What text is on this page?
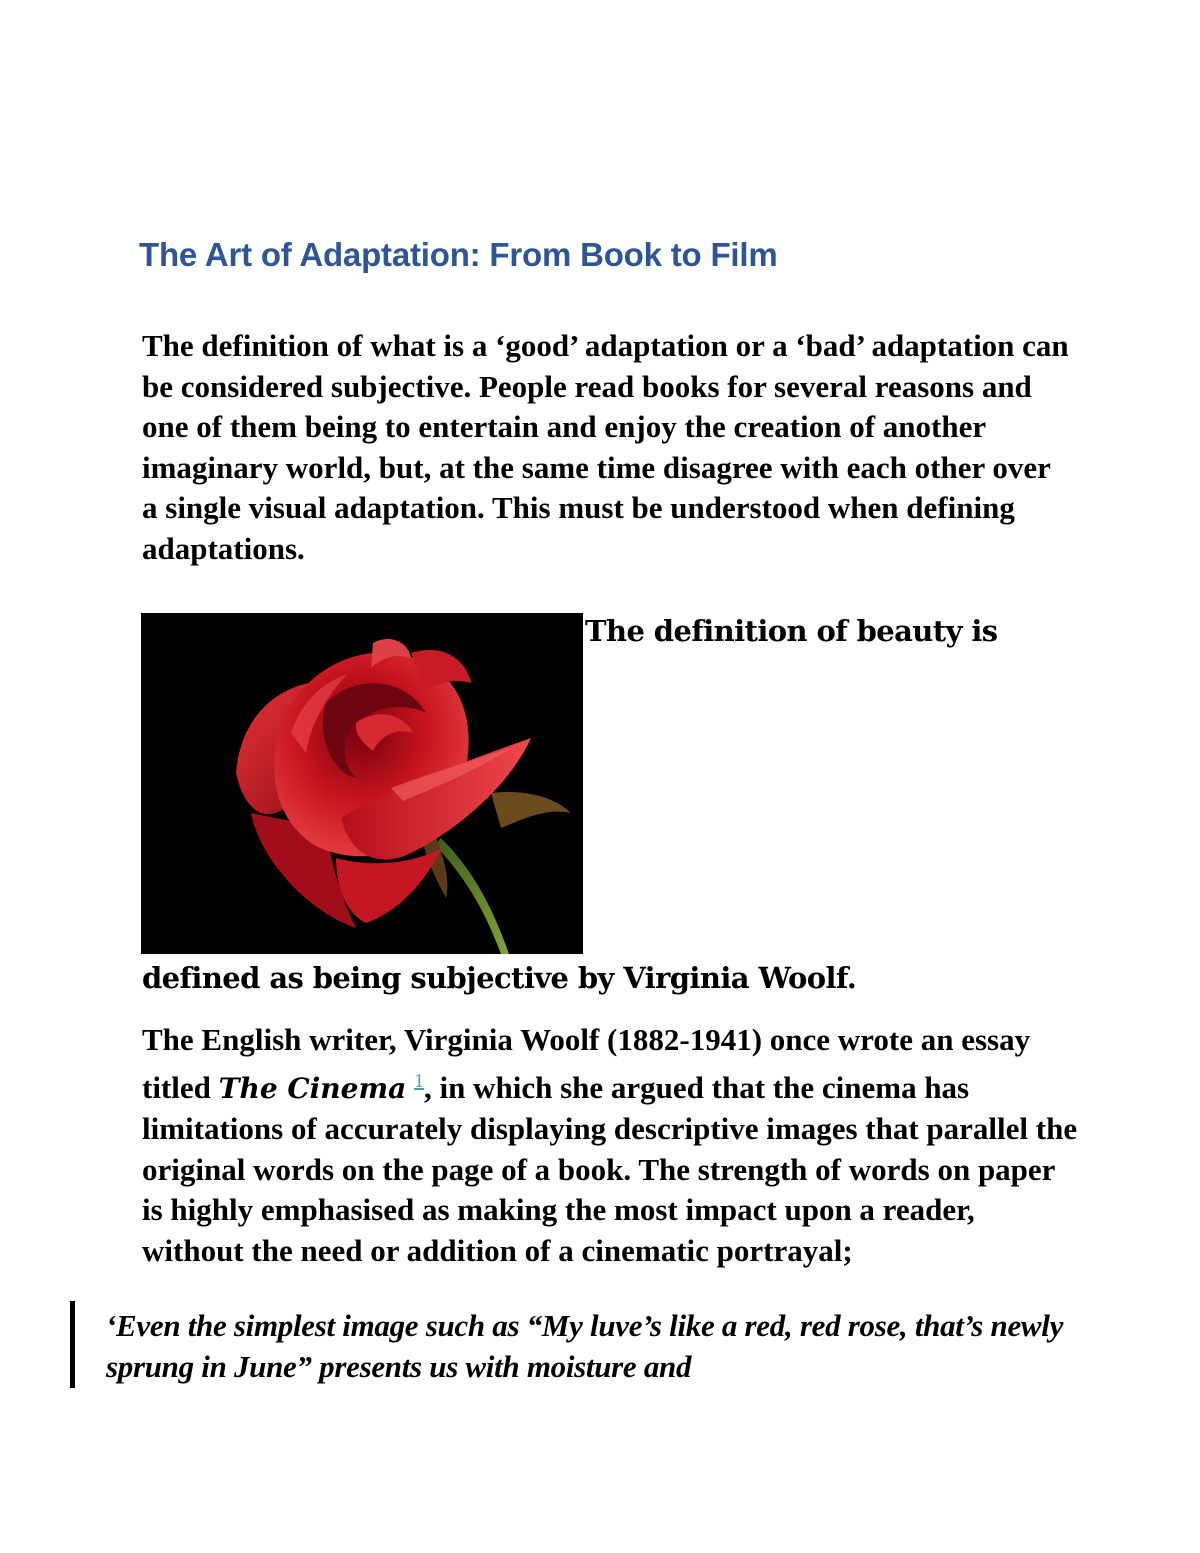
The Art of Adaptation: From Book to Film

The definition of what is a ‘good’ adaptation or a ‘bad’ adaptation can be considered subjective. People read books for several reasons and one of them being to entertain and enjoy the creation of another imaginary world, but, at the same time disagree with each other over a single visual adaptation. This must be understood when defining adaptations.

The definition of beauty is
defined as being subjective by Virginia Woolf.

The English writer, Virginia Woolf (1882-1941) once wrote an essay titled The Cinema $^1$, in which she argued that the cinema has limitations of accurately displaying descriptive images that parallel the original words on the page of a book. The strength of words on paper is highly emphasised as making the most impact upon a reader, without the need or addition of a cinematic portrayal;

‘Even the simplest image such as “My luve’s like a red, red rose, that’s newly sprung in June” presents us with moisture and
